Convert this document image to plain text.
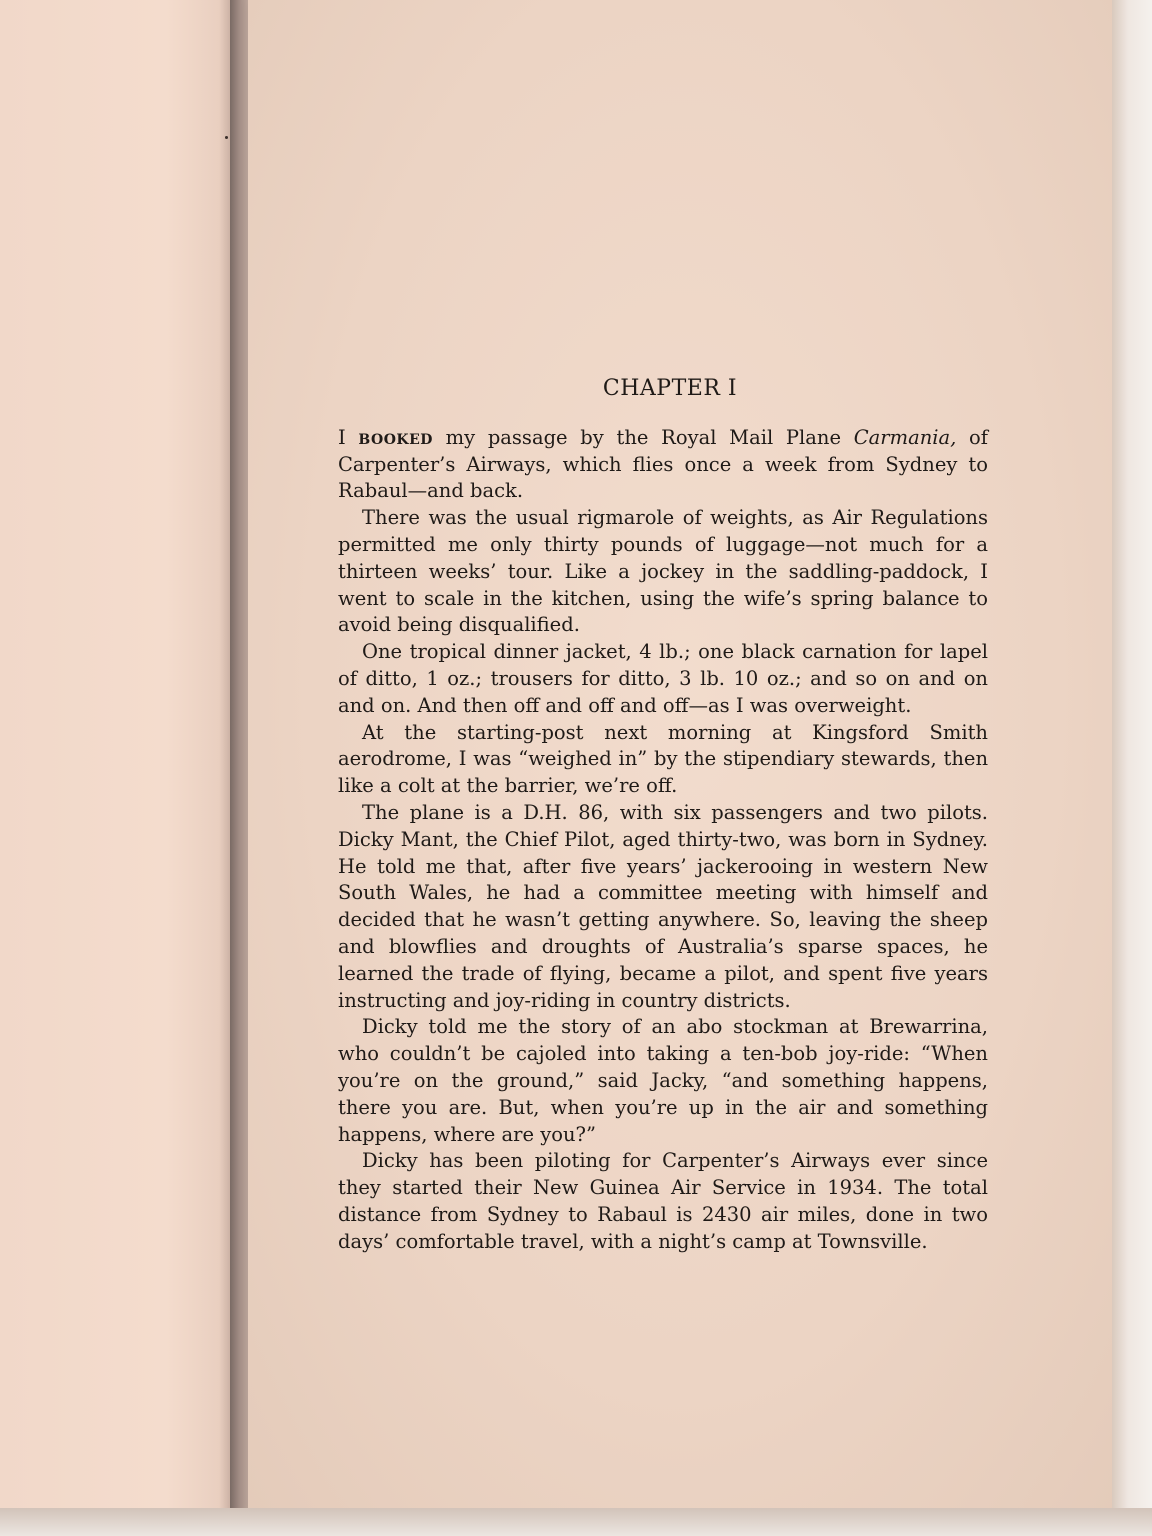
CHAPTER I

I booked my passage by the Royal Mail Plane Carmania, of Carpenter’s Airways, which flies once a week from Sydney to Rabaul—and back.

There was the usual rigmarole of weights, as Air Regulations permitted me only thirty pounds of luggage—not much for a thirteen weeks’ tour. Like a jockey in the saddling-paddock, I went to scale in the kitchen, using the wife’s spring balance to avoid being disqualified.

One tropical dinner jacket, 4 lb.; one black carnation for lapel of ditto, 1 oz.; trousers for ditto, 3 lb. 10 oz.; and so on and on and on. And then off and off and off—as I was overweight.

At the starting-post next morning at Kingsford Smith aerodrome, I was “weighed in” by the stipendiary stewards, then like a colt at the barrier, we’re off.

The plane is a D.H. 86, with six passengers and two pilots. Dicky Mant, the Chief Pilot, aged thirty-two, was born in Sydney. He told me that, after five years’ jackerooing in western New South Wales, he had a committee meeting with himself and decided that he wasn’t getting anywhere. So, leaving the sheep and blowflies and droughts of Australia’s sparse spaces, he learned the trade of flying, became a pilot, and spent five years instructing and joy-riding in country districts.

Dicky told me the story of an abo stockman at Brewarrina, who couldn’t be cajoled into taking a ten-bob joy-ride: “When you’re on the ground,” said Jacky, “and something happens, there you are. But, when you’re up in the air and something happens, where are you?”

Dicky has been piloting for Carpenter’s Airways ever since they started their New Guinea Air Service in 1934. The total distance from Sydney to Rabaul is 2430 air miles, done in two days’ comfortable travel, with a night’s camp at Townsville.
